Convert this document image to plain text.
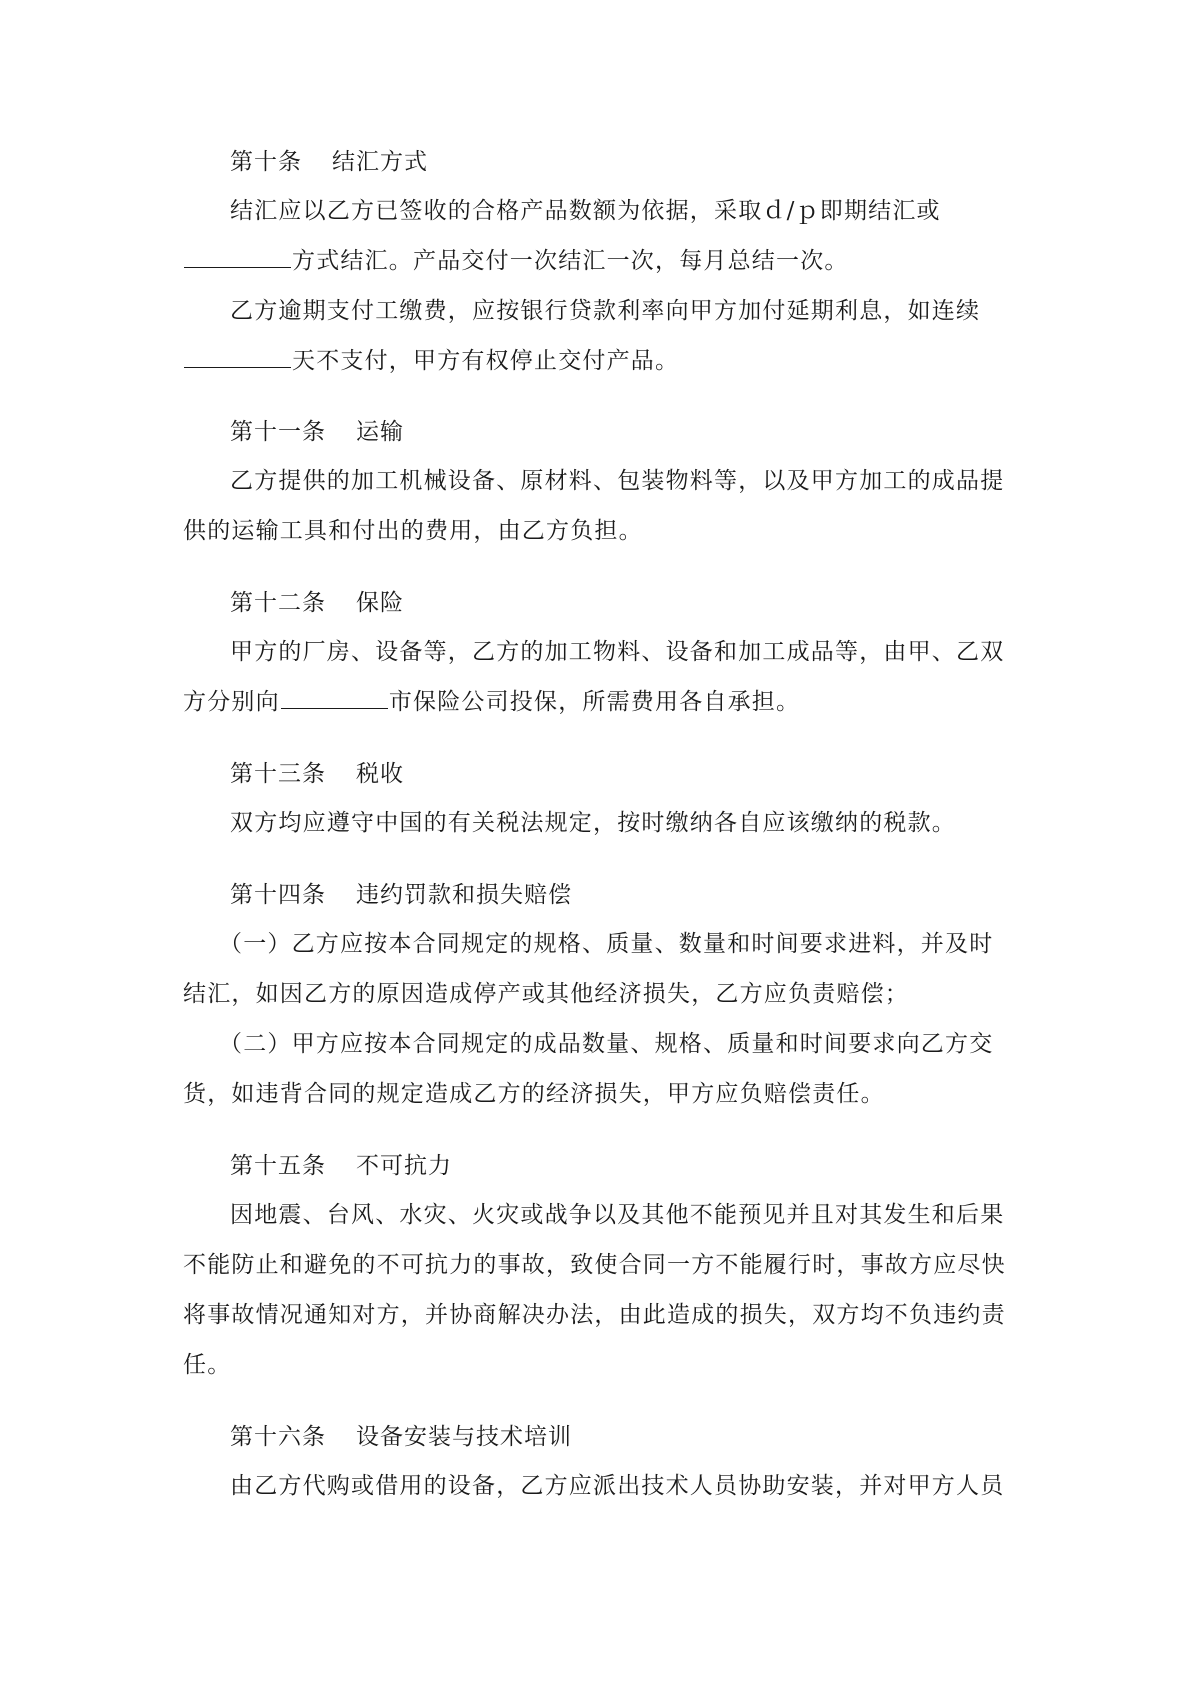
第十条 结汇方式
结汇应以乙方已签收的合格产品数额为依据，采取ｄ/ｐ即期结汇或
方式结汇。产品交付一次结汇一次，每月总结一次。
乙方逾期支付工缴费，应按银行贷款利率向甲方加付延期利息，如连续
天不支付，甲方有权停止交付产品。
第十一条 运输
乙方提供的加工机械设备、原材料、包装物料等，以及甲方加工的成品提
供的运输工具和付出的费用，由乙方负担。
第十二条 保险
甲方的厂房、设备等，乙方的加工物料、设备和加工成品等，由甲、乙双
方分别向	市保险公司投保，所需费用各自承担。
第十三条 税收
双方均应遵守中国的有关税法规定，按时缴纳各自应该缴纳的税款。
第十四条 违约罚款和损失赔偿
（一）乙方应按本合同规定的规格、质量、数量和时间要求进料，并及时
结汇，如因乙方的原因造成停产或其他经济损失，乙方应负责赔偿；
（二）甲方应按本合同规定的成品数量、规格、质量和时间要求向乙方交
货，如违背合同的规定造成乙方的经济损失，甲方应负赔偿责任。
第十五条 不可抗力
因地震、台风、水灾、火灾或战争以及其他不能预见并且对其发生和后果
不能防止和避免的不可抗力的事故，致使合同一方不能履行时，事故方应尽快
将事故情况通知对方，并协商解决办法，由此造成的损失，双方均不负违约责
任。
第十六条 设备安装与技术培训
由乙方代购或借用的设备，乙方应派出技术人员协助安装，并对甲方人员
